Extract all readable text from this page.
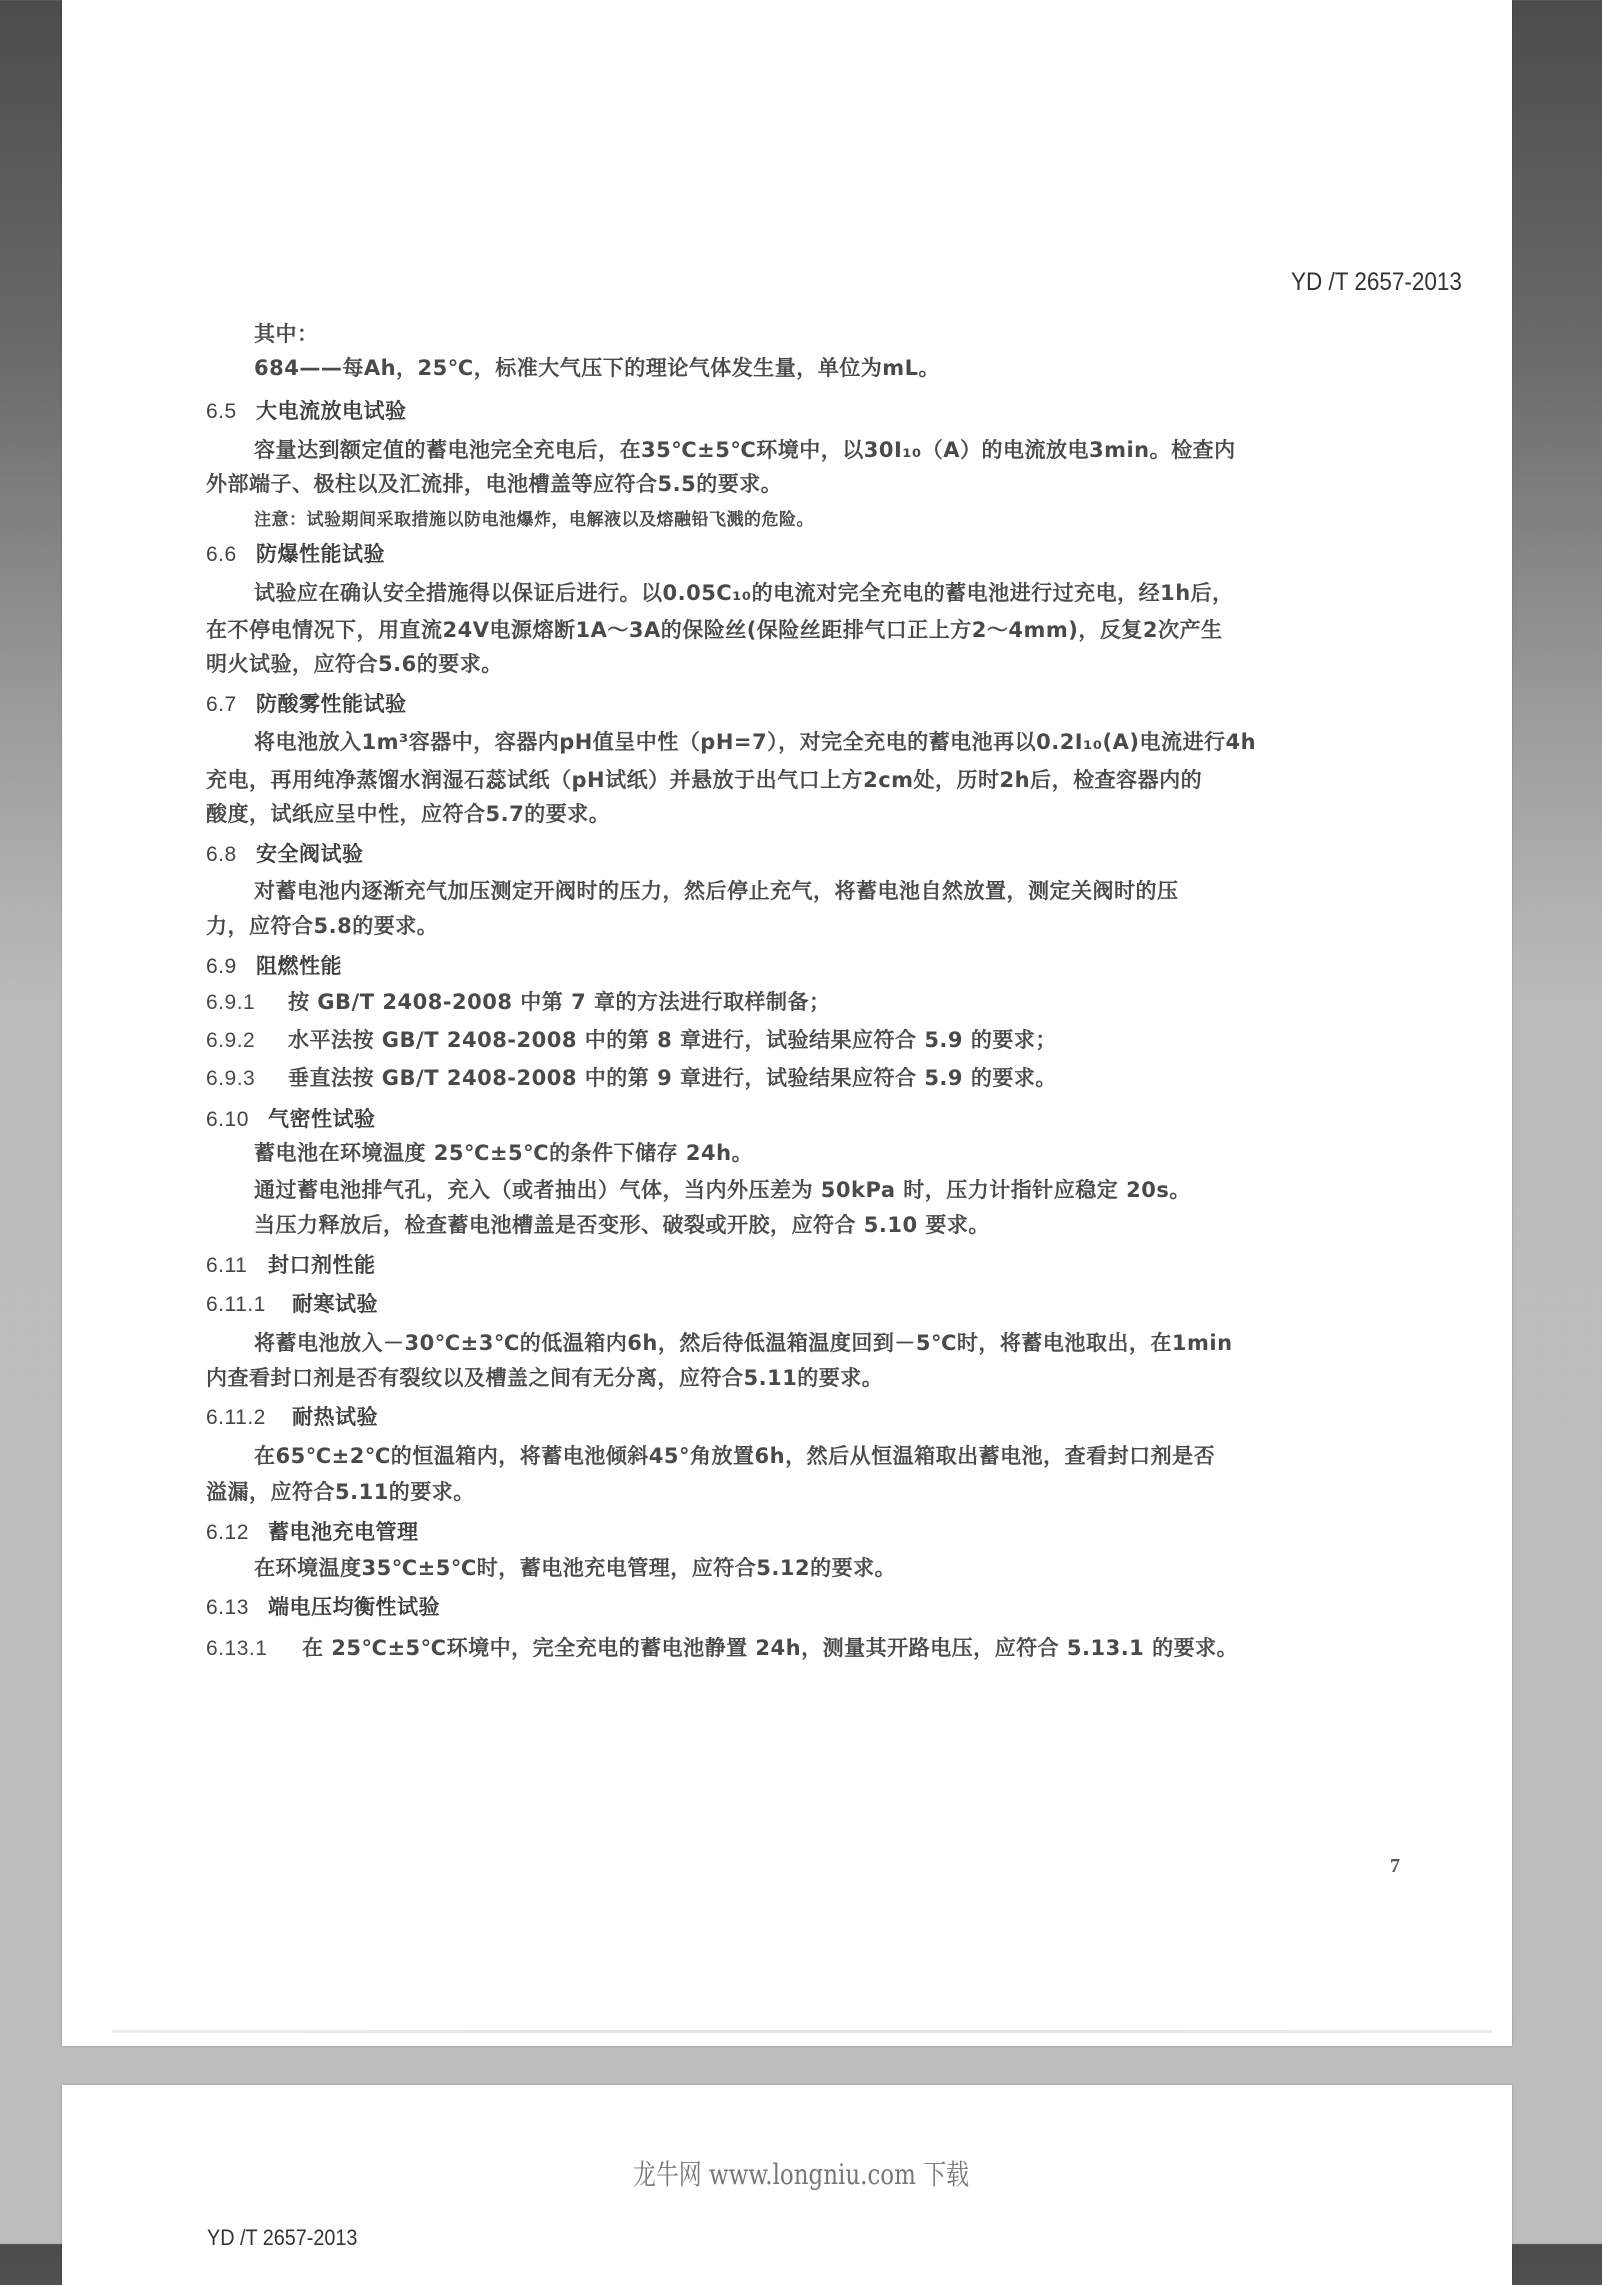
YD /T 2657-2013
其中：
684——每Ah，25℃，标准大气压下的理论气体发生量，单位为mL。
6.5 大电流放电试验
容量达到额定值的蓄电池完全充电后，在35℃±5℃环境中，以30I₁₀（A）的电流放电3min。检查内
外部端子、极柱以及汇流排，电池槽盖等应符合5.5的要求。
注意：试验期间采取措施以防电池爆炸，电解液以及熔融铅飞溅的危险。
6.6 防爆性能试验
试验应在确认安全措施得以保证后进行。以0.05C₁₀的电流对完全充电的蓄电池进行过充电，经1h后，
在不停电情况下，用直流24V电源熔断1A～3A的保险丝(保险丝距排气口正上方2～4mm)，反复2次产生
明火试验，应符合5.6的要求。
6.7 防酸雾性能试验
将电池放入1m³容器中，容器内pH值呈中性（pH=7），对完全充电的蓄电池再以0.2I₁₀(A)电流进行4h
充电，再用纯净蒸馏水润湿石蕊试纸（pH试纸）并悬放于出气口上方2cm处，历时2h后，检查容器内的
酸度，试纸应呈中性，应符合5.7的要求。
6.8 安全阀试验
对蓄电池内逐渐充气加压测定开阀时的压力，然后停止充气，将蓄电池自然放置，测定关阀时的压
力，应符合5.8的要求。
6.9 阻燃性能
6.9.1 按 GB/T 2408-2008 中第 7 章的方法进行取样制备；
6.9.2 水平法按 GB/T 2408-2008 中的第 8 章进行，试验结果应符合 5.9 的要求；
6.9.3 垂直法按 GB/T 2408-2008 中的第 9 章进行，试验结果应符合 5.9 的要求。
6.10 气密性试验
蓄电池在环境温度 25℃±5℃的条件下储存 24h。
通过蓄电池排气孔，充入（或者抽出）气体，当内外压差为 50kPa 时，压力计指针应稳定 20s。
当压力释放后，检查蓄电池槽盖是否变形、破裂或开胶，应符合 5.10 要求。
6.11 封口剂性能
6.11.1 耐寒试验
将蓄电池放入－30℃±3℃的低温箱内6h，然后待低温箱温度回到－5℃时，将蓄电池取出，在1min
内查看封口剂是否有裂纹以及槽盖之间有无分离，应符合5.11的要求。
6.11.2 耐热试验
在65℃±2℃的恒温箱内，将蓄电池倾斜45°角放置6h，然后从恒温箱取出蓄电池，查看封口剂是否
溢漏，应符合5.11的要求。
6.12 蓄电池充电管理
在环境温度35℃±5℃时，蓄电池充电管理，应符合5.12的要求。
6.13 端电压均衡性试验
6.13.1 在 25℃±5℃环境中，完全充电的蓄电池静置 24h，测量其开路电压，应符合 5.13.1 的要求。
7
龙牛网 www.longniu.com 下载
YD /T 2657-2013
